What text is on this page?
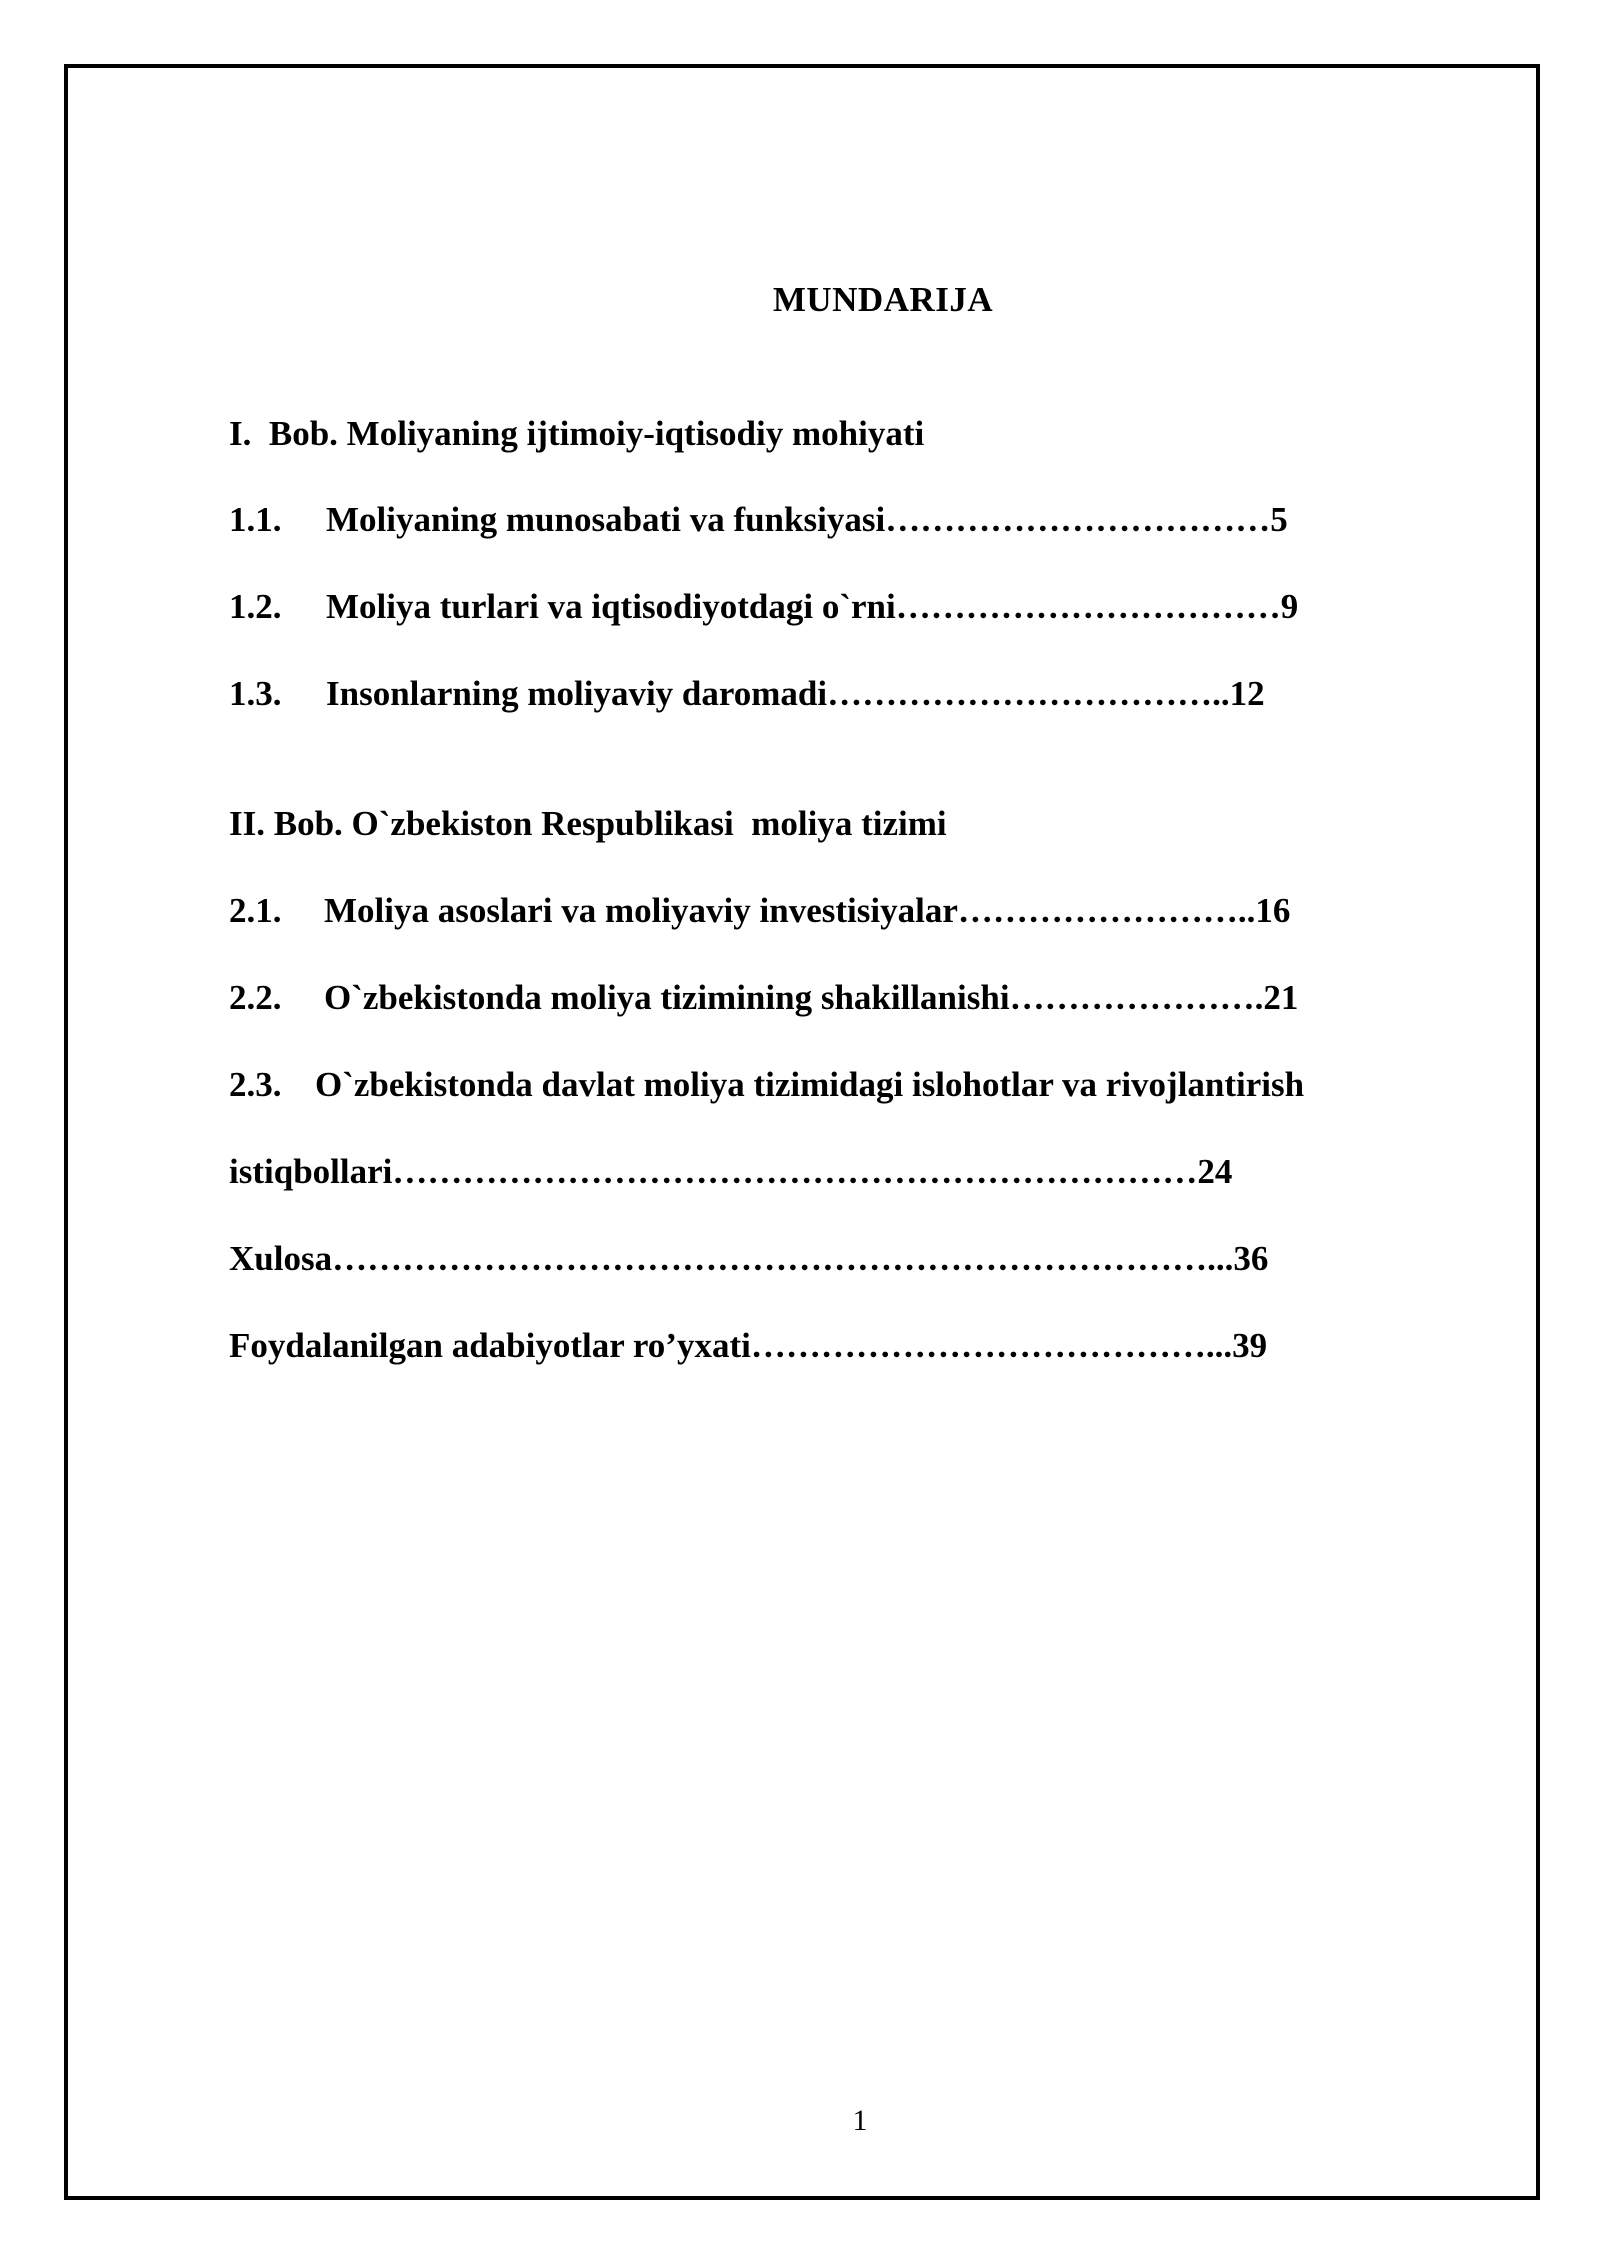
MUNDARIJA

I.  Bob. Moliyaning ijtimoiy-iqtisodiy mohiyati

1.1. Moliyaning munosabati va funksiyasi……………………………5

1.2. Moliya turlari va iqtisodiyotdagi o`rni……………………………9

1.3. Insonlarning moliyaviy daromadi……………………………..12

II. Bob. O`zbekiston Respublikasi  moliya tizimi

2.1. Moliya asoslari va moliyaviy investisiyalar……………………..16

2.2. O`zbekistonda moliya tizimining shakillanishi………………….21

2.3. O`zbekistonda davlat moliya tizimidagi islohotlar va rivojlantirish

istiqbollari……………………………………………………………24

Xulosa…………………………………………………………………...36

Foydalanilgan adabiyotlar ro’yxati…………………………………...39

1
